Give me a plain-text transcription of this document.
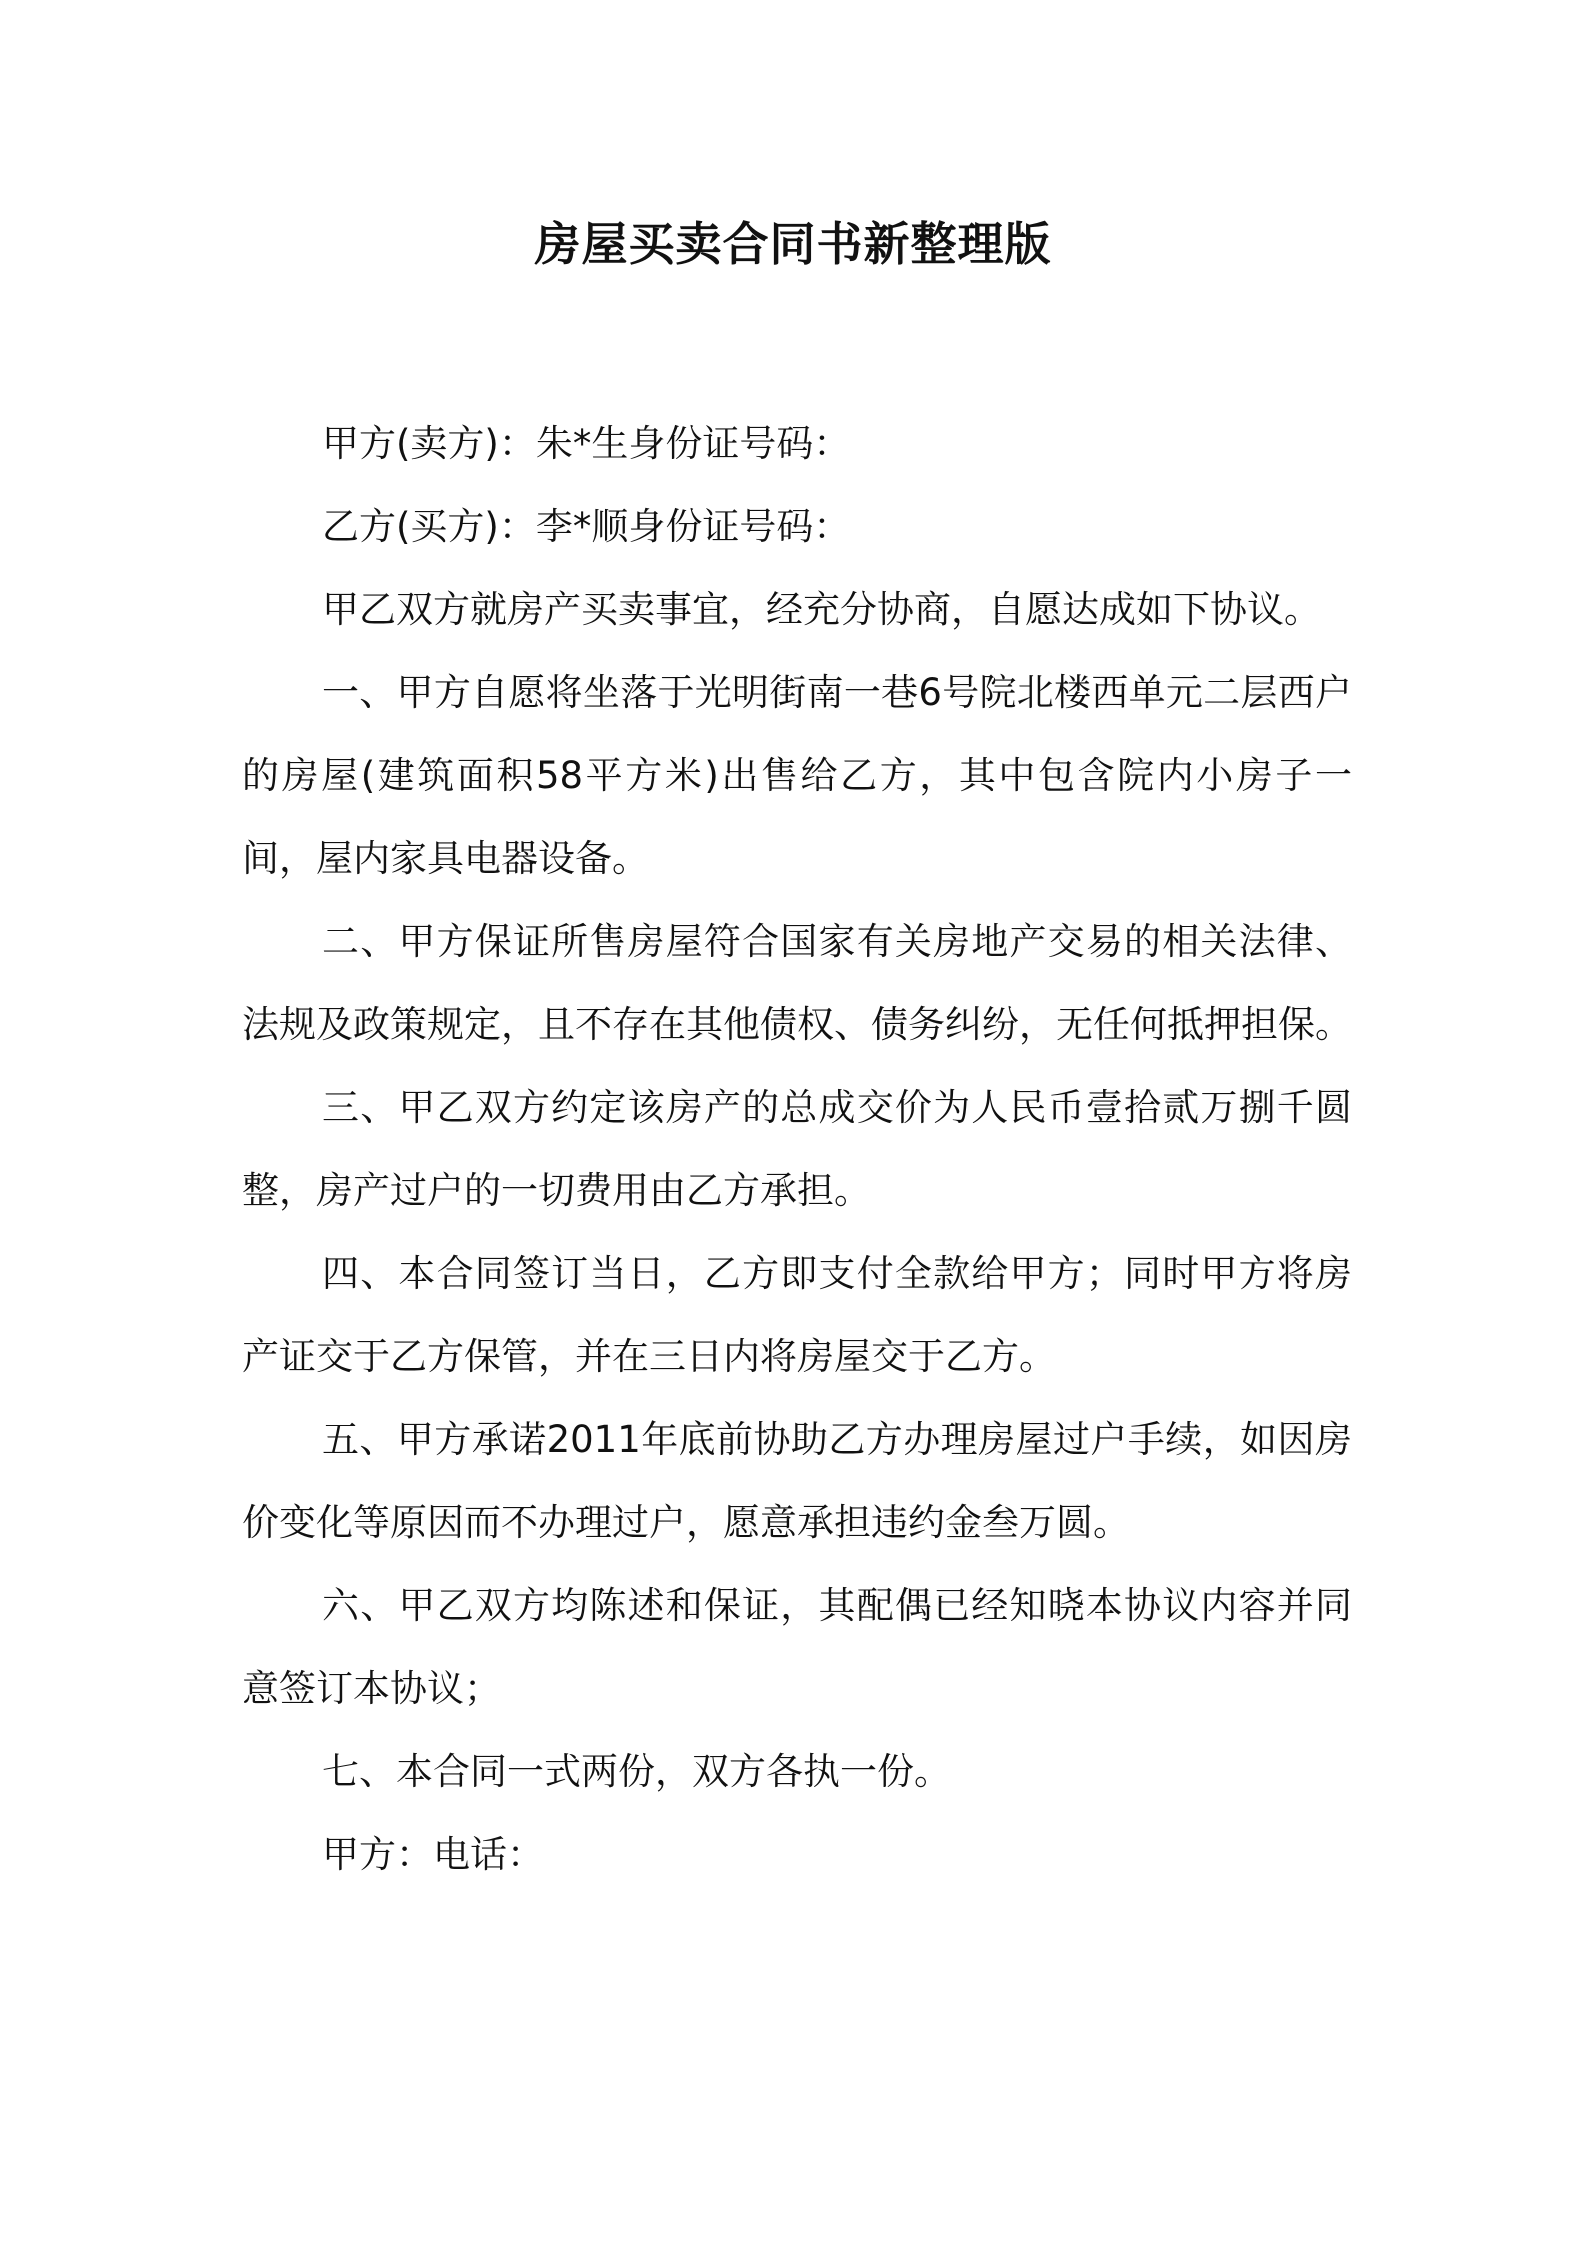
房屋买卖合同书新整理版

甲方(卖方)：朱*生身份证号码：

乙方(买方)：李*顺身份证号码：

甲乙双方就房产买卖事宜，经充分协商，自愿达成如下协议。

一、甲方自愿将坐落于光明街南一巷6号院北楼西单元二层西户的房屋(建筑面积58平方米)出售给乙方，其中包含院内小房子一间，屋内家具电器设备。

二、甲方保证所售房屋符合国家有关房地产交易的相关法律、法规及政策规定，且不存在其他债权、债务纠纷，无任何抵押担保。

三、甲乙双方约定该房产的总成交价为人民币壹拾贰万捌千圆整，房产过户的一切费用由乙方承担。

四、本合同签订当日，乙方即支付全款给甲方；同时甲方将房产证交于乙方保管，并在三日内将房屋交于乙方。

五、甲方承诺2011年底前协助乙方办理房屋过户手续，如因房价变化等原因而不办理过户，愿意承担违约金叁万圆。

六、甲乙双方均陈述和保证，其配偶已经知晓本协议内容并同意签订本协议；

七、本合同一式两份，双方各执一份。

甲方：电话：
